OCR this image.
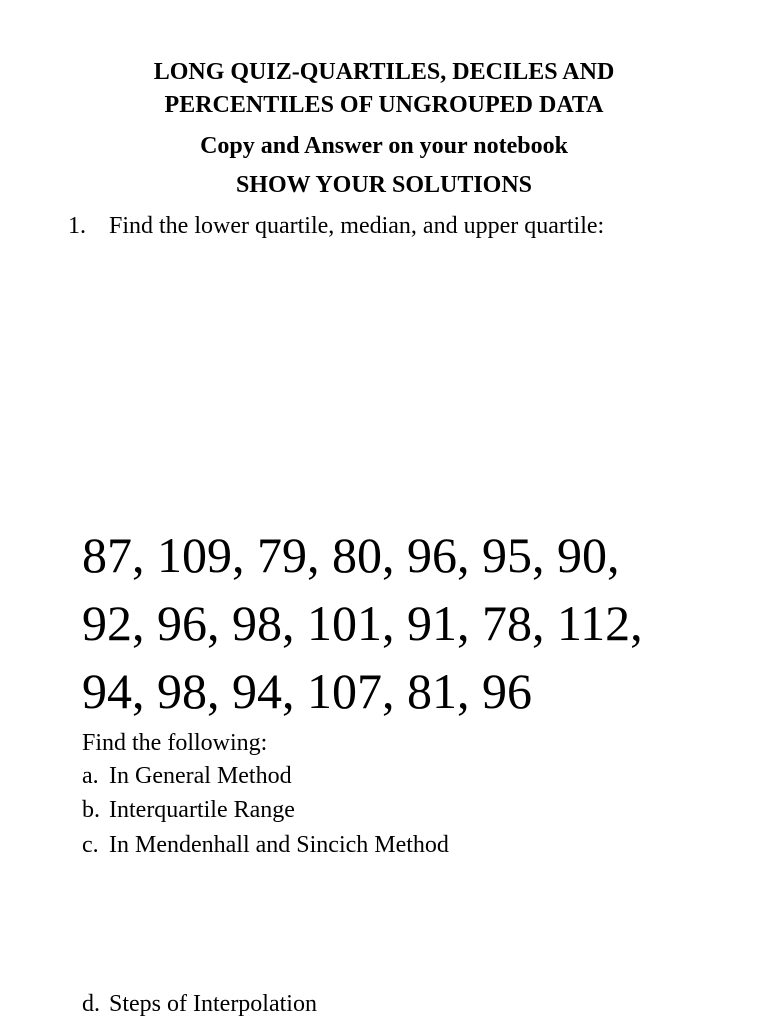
LONG QUIZ-QUARTILES, DECILES AND
PERCENTILES OF UNGROUPED DATA
Copy and Answer on your notebook
SHOW YOUR SOLUTIONS
1. Find the lower quartile, median, and upper quartile:
87, 109, 79, 80, 96, 95, 90,
92, 96, 98, 101, 91, 78, 112,
94, 98, 94, 107, 81, 96
Find the following:
a. In General Method
b. Interquartile Range
c. In Mendenhall and Sincich Method
d. Steps of Interpolation
